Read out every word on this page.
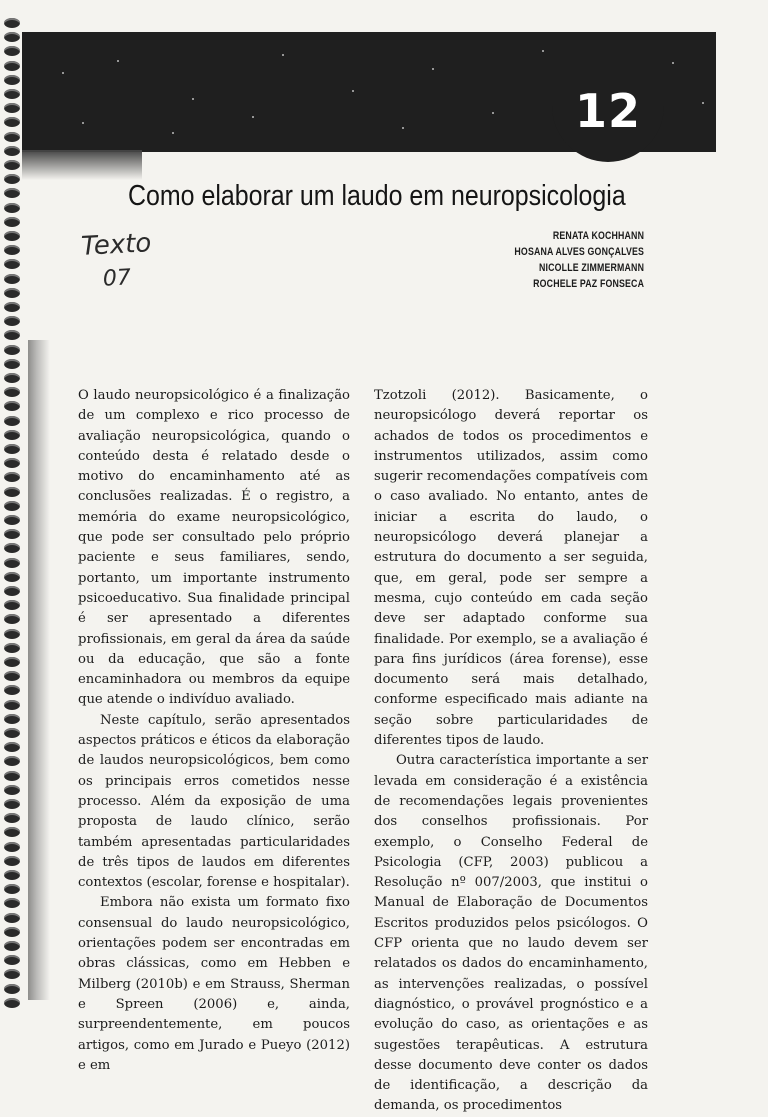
12
Como elaborar um laudo em neuropsicologia
RENATA KOCHHANN
HOSANA ALVES GONÇALVES
NICOLLE ZIMMERMANN
ROCHELE PAZ FONSECA
Texto
07

O laudo neuropsicológico é a finalização de um complexo e rico processo de avaliação neuropsicológica, quando o conteúdo desta é relatado desde o motivo do encaminhamento até as conclusões realizadas. É o registro, a memória do exame neuropsicológico, que pode ser consultado pelo próprio paciente e seus familiares, sendo, portanto, um importante instrumento psicoeducativo. Sua finalidade principal é ser apresentado a diferentes profissionais, em geral da área da saúde ou da educação, que são a fonte encaminhadora ou membros da equipe que atende o indivíduo avaliado.

Neste capítulo, serão apresentados aspectos práticos e éticos da elaboração de laudos neuropsicológicos, bem como os principais erros cometidos nesse processo. Além da exposição de uma proposta de laudo clínico, serão também apresentadas particularidades de três tipos de laudos em diferentes contextos (escolar, forense e hospitalar).

Embora não exista um formato fixo consensual do laudo neuropsicológico, orientações podem ser encontradas em obras clássicas, como em Hebben e Milberg (2010b) e em Strauss, Sherman e Spreen (2006) e, ainda, surpreendentemente, em poucos artigos, como em Jurado e Pueyo (2012) e em

Tzotzoli (2012). Basicamente, o neuropsicólogo deverá reportar os achados de todos os procedimentos e instrumentos utilizados, assim como sugerir recomendações compatíveis com o caso avaliado. No entanto, antes de iniciar a escrita do laudo, o neuropsicólogo deverá planejar a estrutura do documento a ser seguida, que, em geral, pode ser sempre a mesma, cujo conteúdo em cada seção deve ser adaptado conforme sua finalidade. Por exemplo, se a avaliação é para fins jurídicos (área forense), esse documento será mais detalhado, conforme especificado mais adiante na seção sobre particularidades de diferentes tipos de laudo.

Outra característica importante a ser levada em consideração é a existência de recomendações legais provenientes dos conselhos profissionais. Por exemplo, o Conselho Federal de Psicologia (CFP, 2003) publicou a Resolução nº 007/2003, que institui o Manual de Elaboração de Documentos Escritos produzidos pelos psicólogos. O CFP orienta que no laudo devem ser relatados os dados do encaminhamento, as intervenções realizadas, o possível diagnóstico, o provável prognóstico e a evolução do caso, as orientações e as sugestões terapêuticas. A estrutura desse documento deve conter os dados de identificação, a descrição da demanda, os procedimentos
